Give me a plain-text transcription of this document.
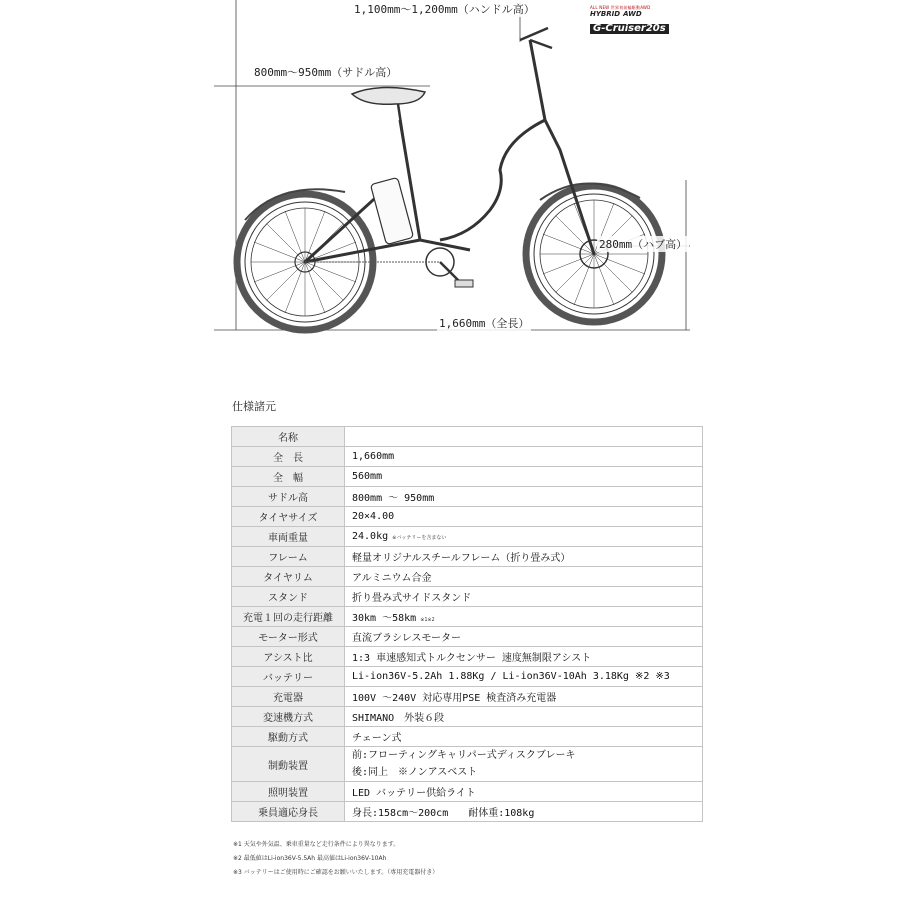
1,100mm～1,200mm（ハンドル高）
800mm～950mm（サドル高）
280mm（ハブ高）
1,660mm（全長）
ALL NEW 世界初前輪駆動AWD
HYBRID AWD
G-Cruiser20s
仕様諸元
名称	
全　長	1,660mm
全　幅	560mm
サドル高	800mm ～ 950mm
タイヤサイズ	20×4.00
車両重量	24.0kg ※バッテリーを含まない
フレーム	軽量オリジナルスチールフレーム（折り畳み式）
タイヤリム	アルミニウム合金
スタンド	折り畳み式サイドスタンド
充電１回の走行距離	30km ～58km ※1※2
モーター形式	直流ブラシレスモーター
アシスト比	1:3 車速感知式トルクセンサー 速度無制限アシスト
バッテリー	Li-ion36V-5.2Ah 1.88Kg / Li-ion36V-10Ah 3.18Kg ※2 ※3
充電器	100V ～240V 対応専用PSE 検査済み充電器
変速機方式	SHIMANO　外装６段
駆動方式	チェーン式
制動装置	前:フローティングキャリパー式ディスクブレーキ
後:同上　※ノンアスベスト

照明装置	LED バッテリー供給ライト
乗員適応身長	身長:158cm～200cm　　耐体重:108kg
※1 天気や外気温、乗車重量など走行条件により異なります。
※2 最低値はLi-ion36V-5.5Ah 最高値はLi-ion36V-10Ah
※3 バッテリーはご使用時にご確認をお願いいたします。（専用充電器付き）
